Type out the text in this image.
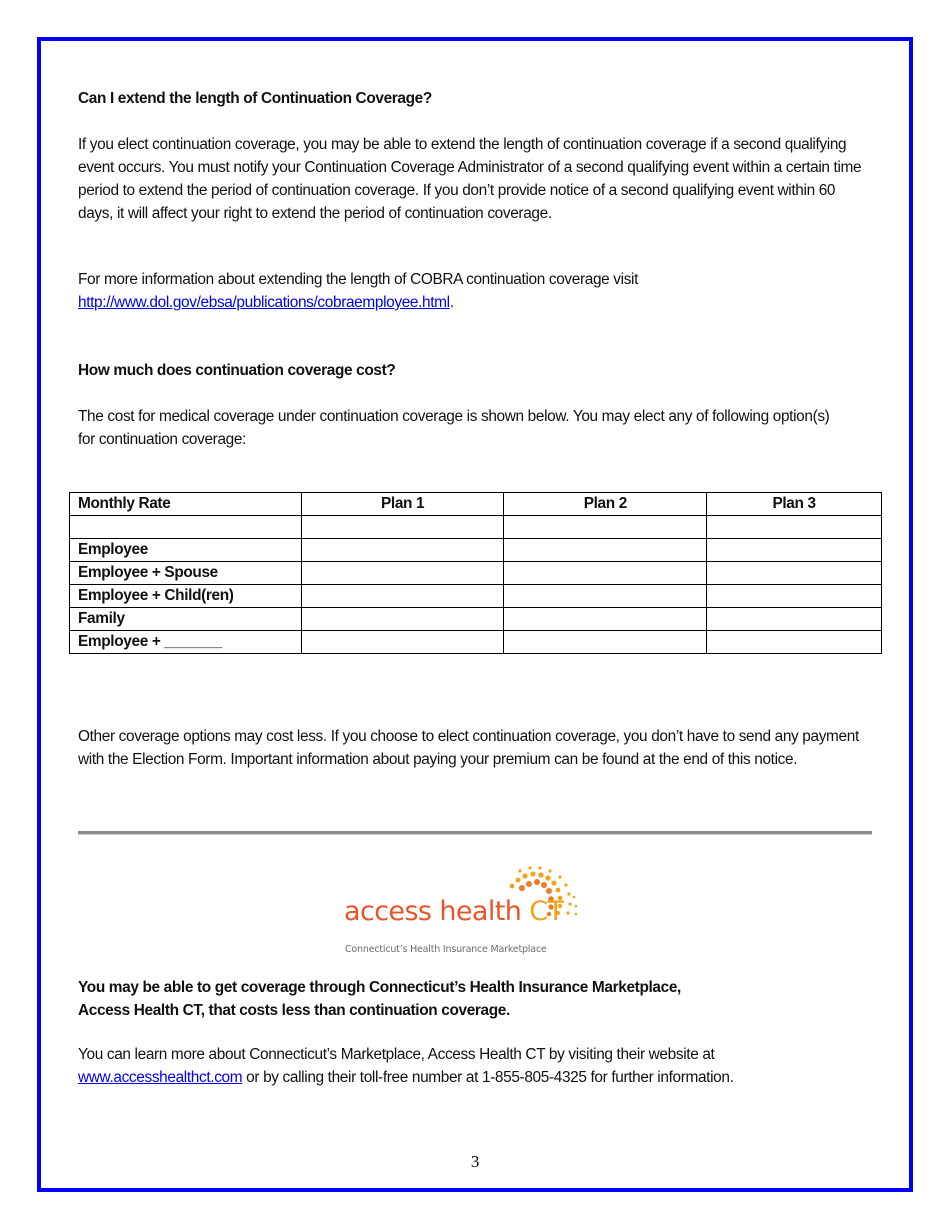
Can I extend the length of Continuation Coverage?

If you elect continuation coverage, you may be able to extend the length of continuation coverage if a second qualifying event occurs. You must notify your Continuation Coverage Administrator of a second qualifying event within a certain time period to extend the period of continuation coverage. If you don’t provide notice of a second qualifying event within 60 days, it will affect your right to extend the period of continuation coverage.

For more information about extending the length of COBRA continuation coverage visit
http://www.dol.gov/ebsa/publications/cobraemployee.html.

How much does continuation coverage cost?

The cost for medical coverage under continuation coverage is shown below. You may elect any of following option(s) for continuation coverage:

Monthly Rate	Plan 1	Plan 2	Plan 3

Employee			
Employee + Spouse			
Employee + Child(ren)			
Family			
Employee + _______			

Other coverage options may cost less. If you choose to elect continuation coverage, you don’t have to send any payment with the Election Form. Important information about paying your premium can be found at the end of this notice.

access health CT
Connecticut’s Health Insurance Marketplace

You may be able to get coverage through Connecticut’s Health Insurance Marketplace,
Access Health CT, that costs less than continuation coverage.

You can learn more about Connecticut’s Marketplace, Access Health CT by visiting their website at
www.accesshealthct.com or by calling their toll-free number at 1-855-805-4325 for further information.

3
